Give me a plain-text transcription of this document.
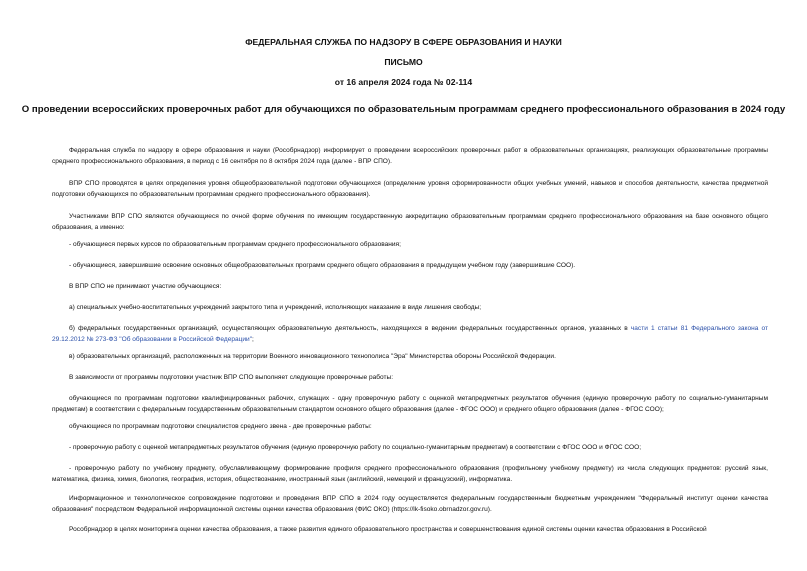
ФЕДЕРАЛЬНАЯ СЛУЖБА ПО НАДЗОРУ В СФЕРЕ ОБРАЗОВАНИЯ И НАУКИ
ПИСЬМО
от 16 апреля 2024 года № 02-114
О проведении всероссийских проверочных работ для обучающихся по образовательным программам среднего профессионального образования в 2024 году

Федеральная служба по надзору в сфере образования и науки (Рособрнадзор) информирует о проведении всероссийских проверочных работ в образовательных организациях, реализующих образовательные программы среднего профессионального образования, в период с 16 сентября по 8 октября 2024 года (далее - ВПР СПО).

ВПР СПО проводятся в целях определения уровня общеобразовательной подготовки обучающихся (определение уровня сформированности общих учебных умений, навыков и способов деятельности, качества предметной подготовки обучающихся по образовательным программам среднего профессионального образования).

Участниками ВПР СПО являются обучающиеся по очной форме обучения по имеющим государственную аккредитацию образовательным программам среднего профессионального образования на базе основного общего образования, а именно:

- обучающиеся первых курсов по образовательным программам среднего профессионального образования;

- обучающиеся, завершившие освоение основных общеобразовательных программ среднего общего образования в предыдущем учебном году (завершившие СОО).

В ВПР СПО не принимают участие обучающиеся:

а) специальных учебно-воспитательных учреждений закрытого типа и учреждений, исполняющих наказание в виде лишения свободы;

б) федеральных государственных организаций, осуществляющих образовательную деятельность, находящихся в ведении федеральных государственных органов, указанных в части 1 статьи 81 Федерального закона от 29.12.2012 № 273-ФЗ "Об образовании в Российской Федерации";

в) образовательных организаций, расположенных на территории Военного инновационного технополиса "Эра" Министерства обороны Российской Федерации.

В зависимости от программы подготовки участник ВПР СПО выполняет следующие проверочные работы:

обучающиеся по программам подготовки квалифицированных рабочих, служащих - одну проверочную работу с оценкой метапредметных результатов обучения (единую проверочную работу по социально-гуманитарным предметам) в соответствии с федеральным государственным образовательным стандартом основного общего образования (далее - ФГОС ООО) и среднего общего образования (далее - ФГОС СОО);

обучающиеся по программам подготовки специалистов среднего звена - две проверочные работы:

- проверочную работу с оценкой метапредметных результатов обучения (единую проверочную работу по социально-гуманитарным предметам) в соответствии с ФГОС ООО и ФГОС СОО;

- проверочную работу по учебному предмету, обуславливающему формирование профиля среднего профессионального образования (профильному учебному предмету) из числа следующих предметов: русский язык, математика, физика, химия, биология, география, история, обществознание, иностранный язык (английский, немецкий и французский), информатика.

Информационное и технологическое сопровождение подготовки и проведения ВПР СПО в 2024 году осуществляется федеральным государственным бюджетным учреждением "Федеральный институт оценки качества образования" посредством Федеральной информационной системы оценки качества образования (ФИС ОКО) (https://lk-fisoko.obrnadzor.gov.ru).

Рособрнадзор в целях мониторинга оценки качества образования, а также развития единого образовательного пространства и совершенствования единой системы оценки качества образования в Российской
